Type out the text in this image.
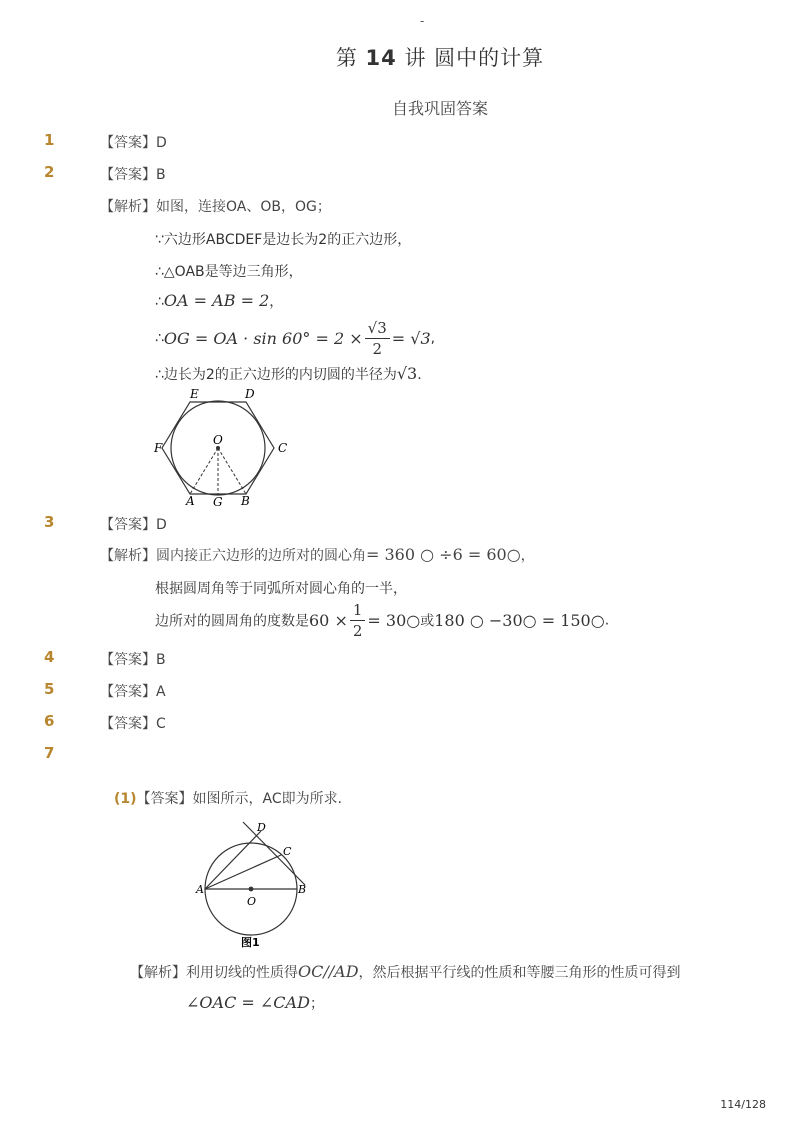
-
第 14 讲 圆中的计算
自我巩固答案
1	【答案】D
2	【答案】B
【解析】如图，连接OA、OB，OG；
∵六边形ABCDEF是边长为2的正六边形，
∴△OAB是等边三角形，
∴OA = AB = 2，
∴OG = OA · $\sin 60^\circ = 2 \times \frac{√3}{2} = √3$,
∴边长为2的正六边形的内切圆的半径为√3.
E	D
F
O
C
A G B
3	【答案】D
【解析】圆内接正六边形的边所对的圆心角= 360 ○ ÷6 = 60○，
根据圆周角等于同弧所对圆心角的一半，
边所对的圆周角的度数是$60 \times \frac{1}{2}$ = 30○或180 ○ −30○ = 150○.
4	【答案】B
5	【答案】A
6	【答案】C
7
(1)【答案】如图所示，AC即为所求．
D
C
A	B
O
图1
【解析】利用切线的性质得OC//AD，然后根据平行线的性质和等腰三角形的性质可得到
∠OAC = ∠CAD；
114/128
